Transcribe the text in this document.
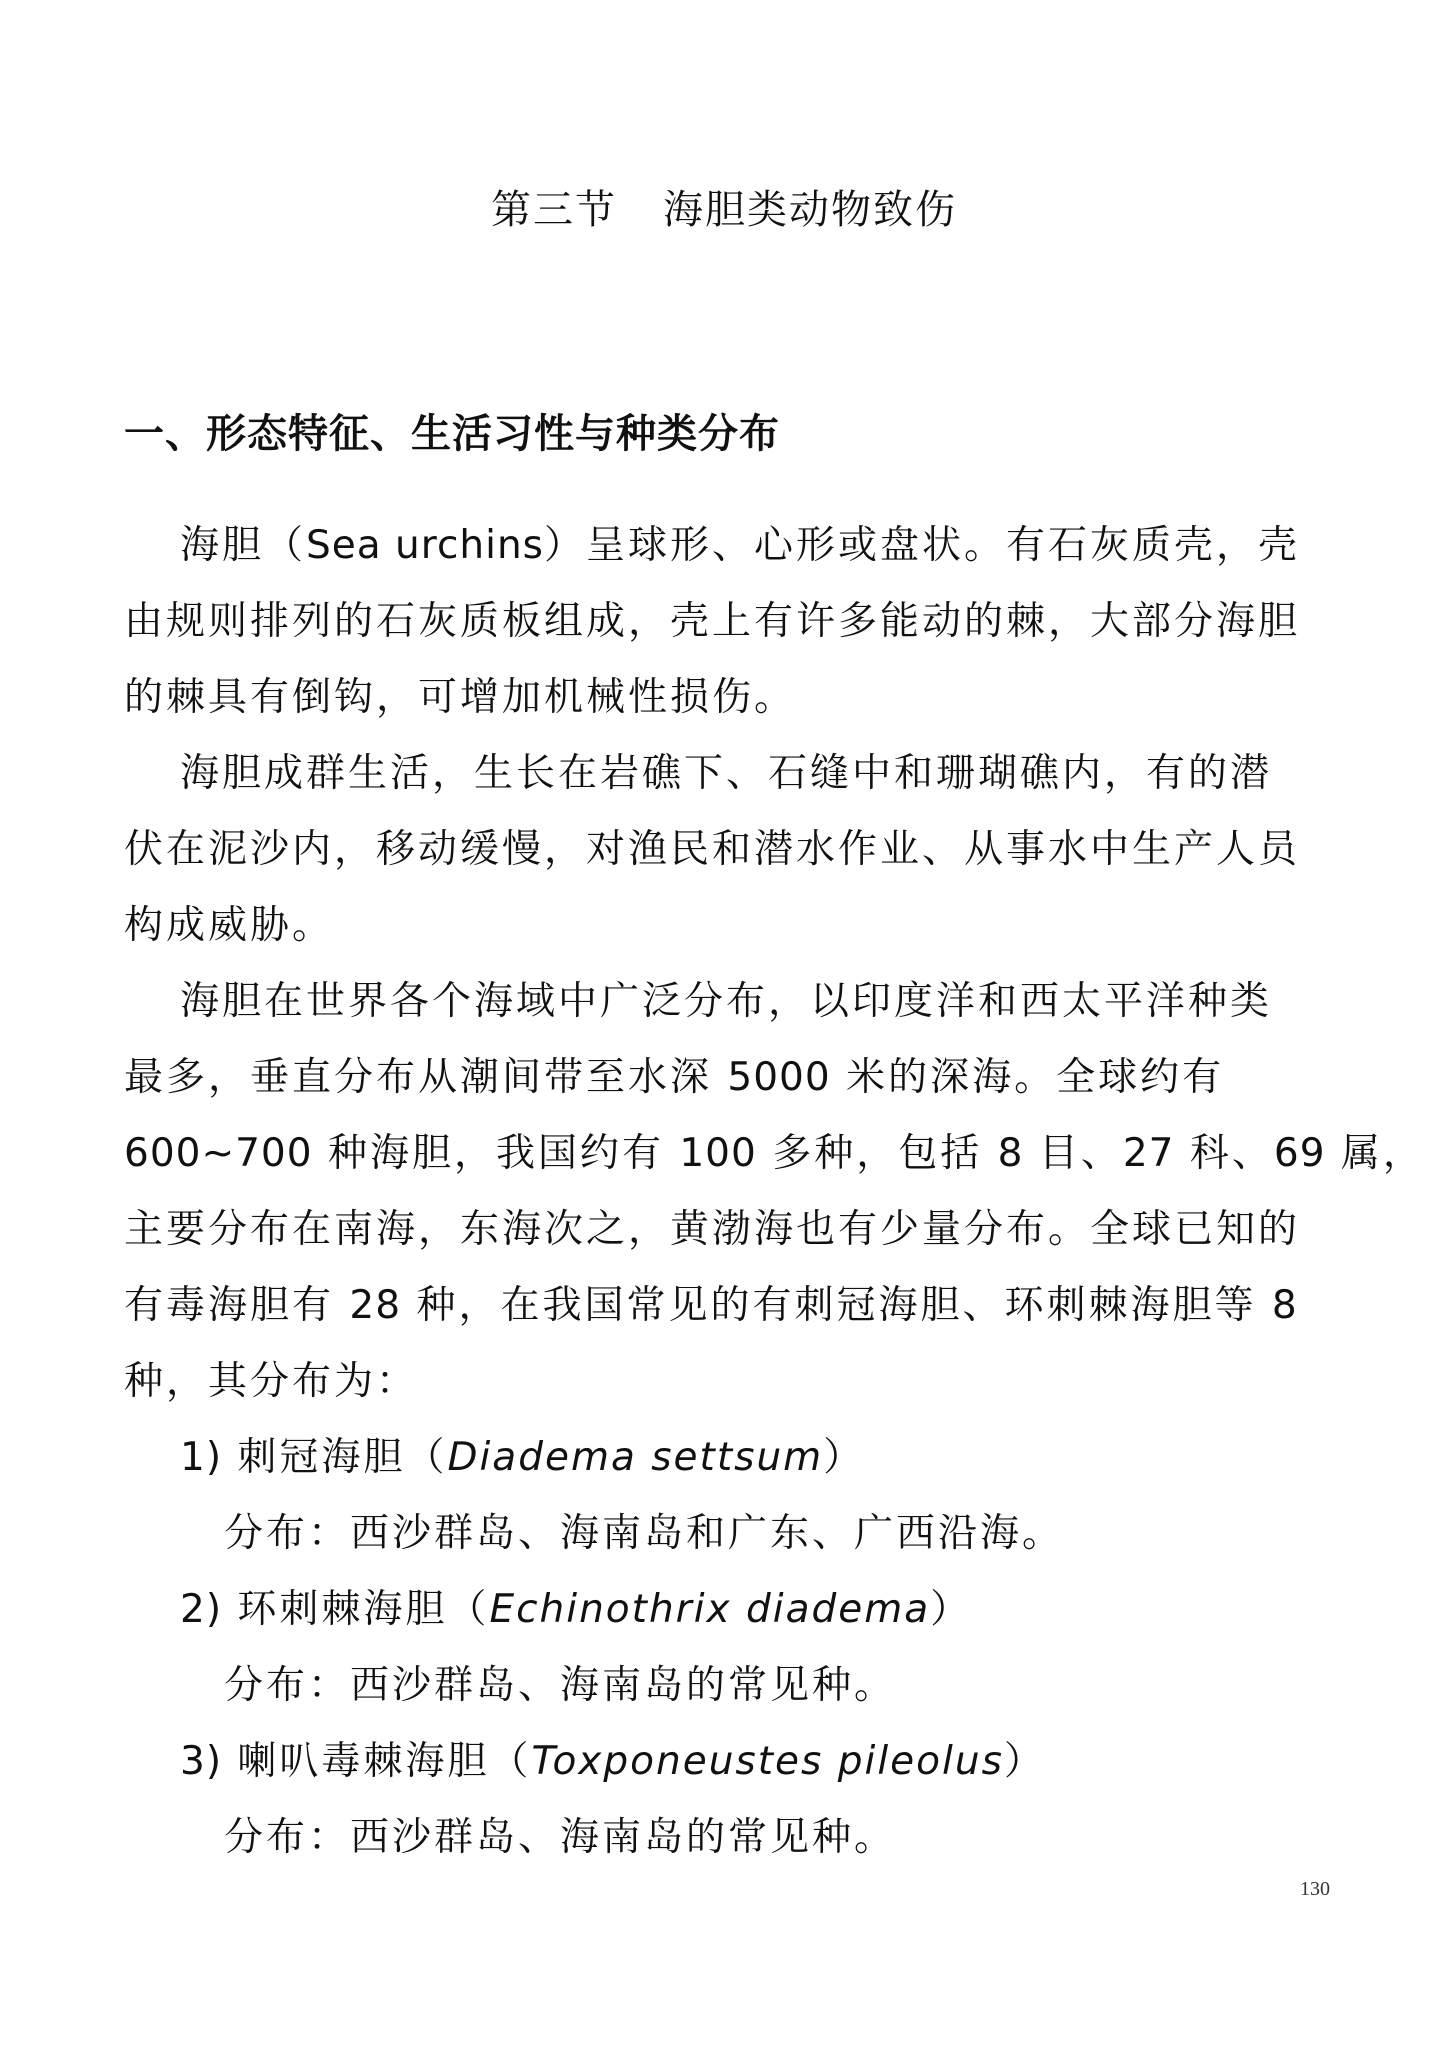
第三节 海胆类动物致伤
一、形态特征、生活习性与种类分布
海胆（Sea urchins）呈球形、心形或盘状。有石灰质壳，壳
由规则排列的石灰质板组成，壳上有许多能动的棘，大部分海胆
的棘具有倒钩，可增加机械性损伤。
海胆成群生活，生长在岩礁下、石缝中和珊瑚礁内，有的潜
伏在泥沙内，移动缓慢，对渔民和潜水作业、从事水中生产人员
构成威胁。
海胆在世界各个海域中广泛分布，以印度洋和西太平洋种类
最多，垂直分布从潮间带至水深 5000 米的深海。全球约有
600~700 种海胆，我国约有 100 多种，包括 8 目、27 科、69 属，
主要分布在南海，东海次之，黄渤海也有少量分布。全球已知的
有毒海胆有 28 种，在我国常见的有刺冠海胆、环刺棘海胆等 8
种，其分布为：
1) 刺冠海胆（Diadema settsum）
分布：西沙群岛、海南岛和广东、广西沿海。
2) 环刺棘海胆（Echinothrix diadema）
分布：西沙群岛、海南岛的常见种。
3) 喇叭毒棘海胆（Toxponeustes pileolus）
分布：西沙群岛、海南岛的常见种。
130
